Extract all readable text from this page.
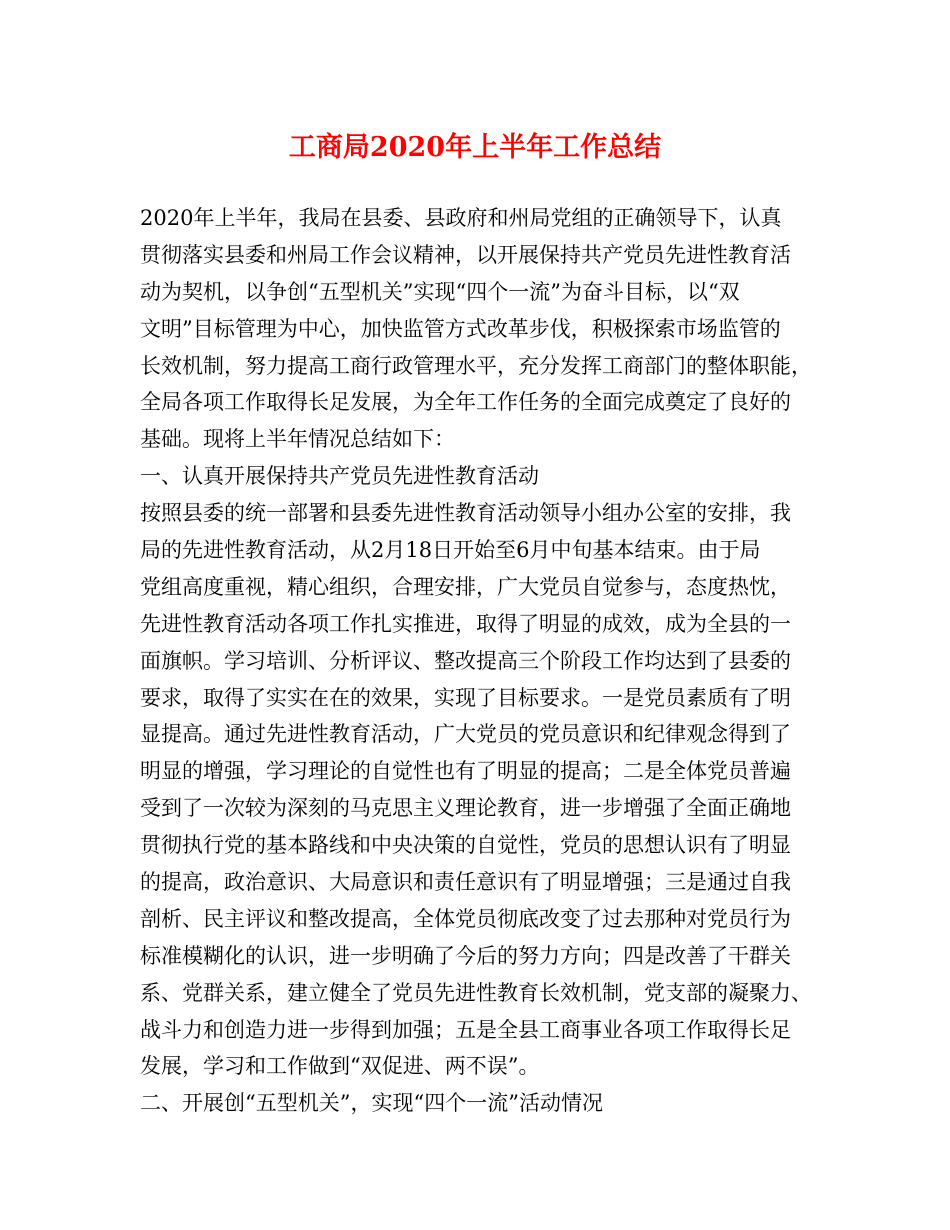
工商局2020年上半年工作总结
2020年上半年，我局在县委、县政府和州局党组的正确领导下，认真
贯彻落实县委和州局工作会议精神，以开展保持共产党员先进性教育活
动为契机，以争创“五型机关”实现“四个一流”为奋斗目标，以“双
文明”目标管理为中心，加快监管方式改革步伐，积极探索市场监管的
长效机制，努力提高工商行政管理水平，充分发挥工商部门的整体职能，
全局各项工作取得长足发展，为全年工作任务的全面完成奠定了良好的
基础。现将上半年情况总结如下：
一、认真开展保持共产党员先进性教育活动
按照县委的统一部署和县委先进性教育活动领导小组办公室的安排，我
局的先进性教育活动，从2月18日开始至6月中旬基本结束。由于局
党组高度重视，精心组织，合理安排，广大党员自觉参与，态度热忱，
先进性教育活动各项工作扎实推进，取得了明显的成效，成为全县的一
面旗帜。学习培训、分析评议、整改提高三个阶段工作均达到了县委的
要求，取得了实实在在的效果，实现了目标要求。一是党员素质有了明
显提高。通过先进性教育活动，广大党员的党员意识和纪律观念得到了
明显的增强，学习理论的自觉性也有了明显的提高；二是全体党员普遍
受到了一次较为深刻的马克思主义理论教育，进一步增强了全面正确地
贯彻执行党的基本路线和中央决策的自觉性，党员的思想认识有了明显
的提高，政治意识、大局意识和责任意识有了明显增强；三是通过自我
剖析、民主评议和整改提高，全体党员彻底改变了过去那种对党员行为
标准模糊化的认识，进一步明确了今后的努力方向；四是改善了干群关
系、党群关系，建立健全了党员先进性教育长效机制，党支部的凝聚力、
战斗力和创造力进一步得到加强；五是全县工商事业各项工作取得长足
发展，学习和工作做到“双促进、两不误”。
二、开展创“五型机关”，实现“四个一流”活动情况
